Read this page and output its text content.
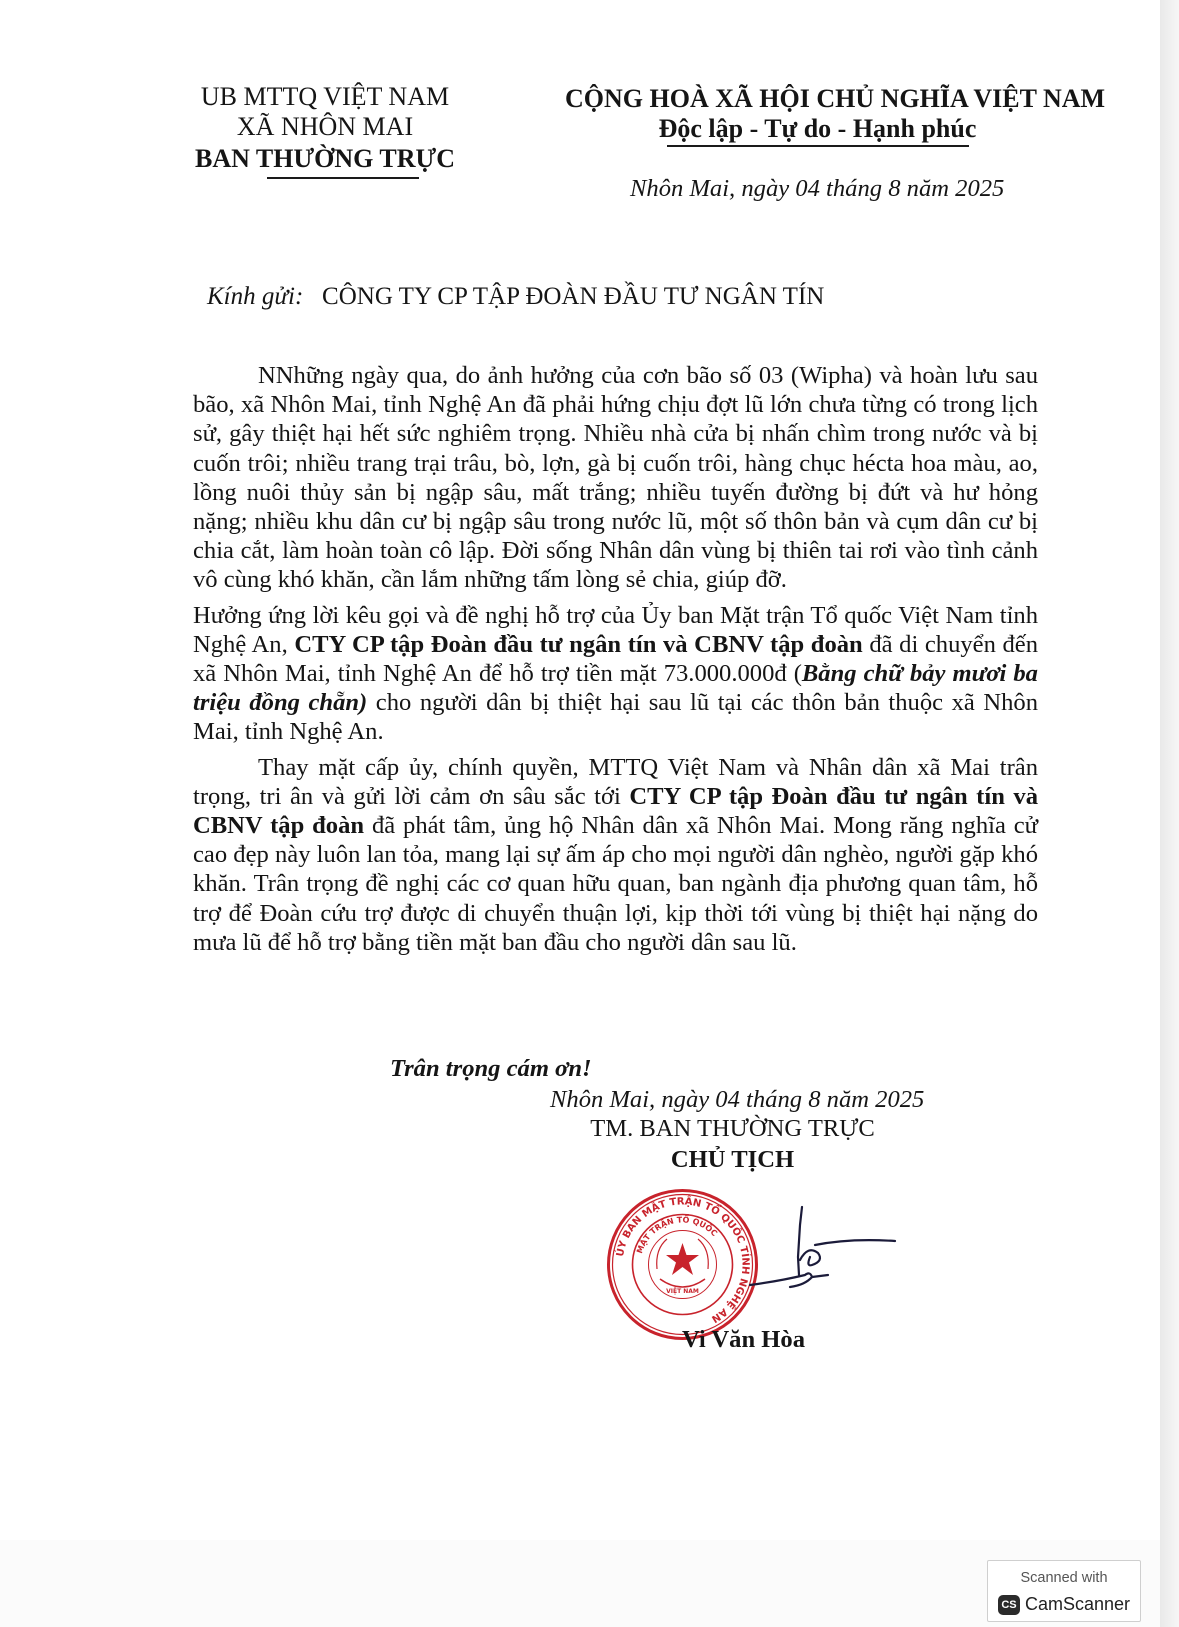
UB MTTQ VIỆT NAM
XÃ NHÔN MAI
BAN THƯỜNG TRỰC
CỘNG HOÀ XÃ HỘI CHỦ NGHĨA VIỆT NAM
Độc lập - Tự do - Hạnh phúc
Nhôn Mai, ngày 04 tháng 8 năm 2025
Kính gửi: CÔNG TY CP TẬP ĐOÀN ĐẦU TƯ NGÂN TÍN

NNhững ngày qua, do ảnh hưởng của cơn bão số 03 (Wipha) và hoàn lưu sau bão, xã Nhôn Mai, tỉnh Nghệ An đã phải hứng chịu đợt lũ lớn chưa từng có trong lịch sử, gây thiệt hại hết sức nghiêm trọng. Nhiều nhà cửa bị nhấn chìm trong nước và bị cuốn trôi; nhiều trang trại trâu, bò, lợn, gà bị cuốn trôi, hàng chục hécta hoa màu, ao, lồng nuôi thủy sản bị ngập sâu, mất trắng; nhiều tuyến đường bị đứt và hư hỏng nặng; nhiều khu dân cư bị ngập sâu trong nước lũ, một số thôn bản và cụm dân cư bị chia cắt, làm hoàn toàn cô lập. Đời sống Nhân dân vùng bị thiên tai rơi vào tình cảnh vô cùng khó khăn, cần lắm những tấm lòng sẻ chia, giúp đỡ.

Hưởng ứng lời kêu gọi và đề nghị hỗ trợ của Ủy ban Mặt trận Tổ quốc Việt Nam tỉnh Nghệ An, CTY CP tập Đoàn đầu tư ngân tín và CBNV tập đoàn đã di chuyển đến xã Nhôn Mai, tỉnh Nghệ An để hỗ trợ tiền mặt 73.000.000đ (Bằng chữ bảy mươi ba triệu đồng chẵn) cho người dân bị thiệt hại sau lũ tại các thôn bản thuộc xã Nhôn Mai, tỉnh Nghệ An.

Thay mặt cấp ủy, chính quyền, MTTQ Việt Nam và Nhân dân xã Mai trân trọng, tri ân và gửi lời cảm ơn sâu sắc tới CTY CP tập Đoàn đầu tư ngân tín và CBNV tập đoàn đã phát tâm, ủng hộ Nhân dân xã Nhôn Mai. Mong răng nghĩa cử cao đẹp này luôn lan tỏa, mang lại sự ấm áp cho mọi người dân nghèo, người gặp khó khăn. Trân trọng đề nghị các cơ quan hữu quan, ban ngành địa phương quan tâm, hỗ trợ để Đoàn cứu trợ được di chuyển thuận lợi, kịp thời tới vùng bị thiệt hại nặng do mưa lũ để hỗ trợ bằng tiền mặt ban đầu cho người dân sau lũ.

Trân trọng cám ơn!
Nhôn Mai, ngày 04 tháng 8 năm 2025
TM. BAN THƯỜNG TRỰC
CHỦ TỊCH
ỦY BAN MẶT TRẬN TỔ QUỐC TỈNH NGHỆ AN
MẶT TRẬN TỔ QUỐC
VIỆT NAM
Vi Văn Hòa
Scanned with
CS CamScanner
